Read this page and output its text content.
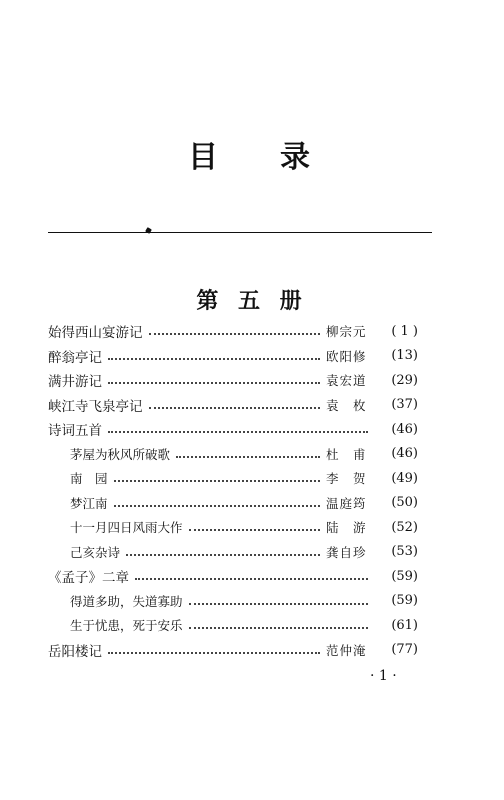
目 录
第 五 册
始得西山宴游记	柳宗元	( 1 )
醉翁亭记	欧阳修	(13)
满井游记	袁宏道	(29)
峡江寺飞泉亭记	袁　枚	(37)
诗词五首	(46)
茅屋为秋风所破歌	杜　甫	(46)
南　园	李　贺	(49)
梦江南	温庭筠	(50)
十一月四日风雨大作	陆　游	(52)
己亥杂诗	龚自珍	(53)
《孟子》二章	(59)
得道多助，失道寡助	(59)
生于忧患，死于安乐	(61)
岳阳楼记	范仲淹	(77)
· 1 ·
